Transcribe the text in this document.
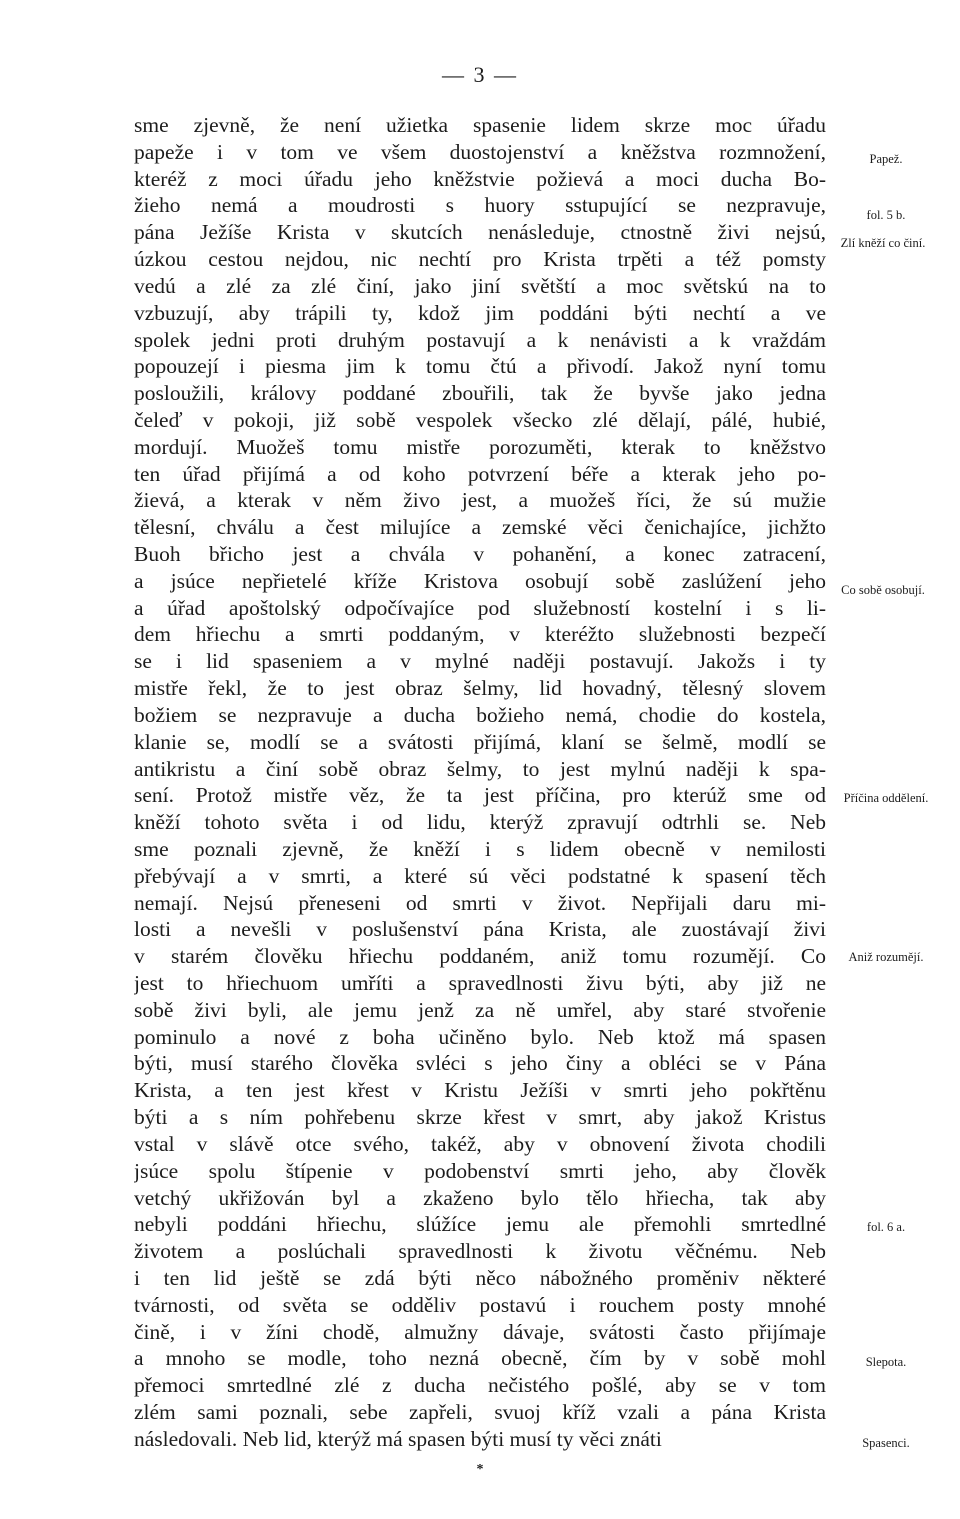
— 3 —
sme zjevně, že není užietka spasenie lidem skrze moc úřadu
papeže i v tom ve všem duostojenství a kněžstva rozmnožení,
kteréž z moci úřadu jeho kněžstvie požievá a moci ducha Bo-
žieho nemá a moudrosti s huory sstupující se nezpravuje,
pána Ježíše Krista v skutcích nenásleduje, ctnostně živi nejsú,
úzkou cestou nejdou, nic nechtí pro Krista trpěti a též pomsty
vedú a zlé za zlé činí, jako jiní světští a moc světskú na to
vzbuzují, aby trápili ty, kdož jim poddáni býti nechtí a ve
spolek jedni proti druhým postavují a k nenávisti a k vraždám
popouzejí i piesma jim k tomu čtú a přivodí. Jakož nyní tomu
posloužili, královy poddané zbouřili, tak že byvše jako jedna
čeleď v pokoji, již sobě vespolek všecko zlé dělají, pálé, hubié,
mordují. Muožeš tomu mistře porozuměti, kterak to kněžstvo
ten úřad přijímá a od koho potvrzení béře a kterak jeho po-
žievá, a kterak v něm živo jest, a muožeš říci, že sú mužie
tělesní, chválu a čest milujíce a zemské věci čenichajíce, jichžto
Buoh břicho jest a chvála v pohanění, a konec zatracení,
a jsúce nepřietelé kříže Kristova osobují sobě zaslúžení jeho
a úřad apoštolský odpočívajíce pod služebností kostelní i s li-
dem hřiechu a smrti poddaným, v kteréžto služebnosti bezpečí
se i lid spaseniem a v mylné naději postavují. Jakožs i ty
mistře řekl, že to jest obraz šelmy, lid hovadný, tělesný slovem
božiem se nezpravuje a ducha božieho nemá, chodie do kostela,
klanie se, modlí se a svátosti přijímá, klaní se šelmě, modlí se
antikristu a činí sobě obraz šelmy, to jest mylnú naději k spa-
sení. Protož mistře věz, že ta jest příčina, pro kterúž sme od
kněží tohoto světa i od lidu, kterýž zpravují odtrhli se. Neb
sme poznali zjevně, že kněží i s lidem obecně v nemilosti
přebývají a v smrti, a které sú věci podstatné k spasení těch
nemají. Nejsú přeneseni od smrti v život. Nepřijali daru mi-
losti a nevešli v poslušenství pána Krista, ale zuostávají živi
v starém člověku hřiechu poddaném, aniž tomu rozumějí. Co
jest to hřiechuom umříti a spravedlnosti živu býti, aby již ne
sobě živi byli, ale jemu jenž za ně umřel, aby staré stvořenie
pominulo a nové z boha učiněno bylo. Neb ktož má spasen
býti, musí starého člověka svléci s jeho činy a obléci se v Pána
Krista, a ten jest křest v Kristu Ježíši v smrti jeho pokřtěnu
býti a s ním pohřebenu skrze křest v smrt, aby jakož Kristus
vstal v slávě otce svého, takéž, aby v obnovení života chodili
jsúce spolu štípenie v podobenství smrti jeho, aby člověk
vetchý ukřižován byl a zkaženo bylo tělo hřiecha, tak aby
nebyli poddáni hřiechu, slúžíce jemu ale přemohli smrtedlné
životem a poslúchali spravedlnosti k životu věčnému. Neb
i ten lid ještě se zdá býti něco nábožného proměniv některé
tvárnosti, od světa se odděliv postavú i rouchem posty mnohé
čině, i v žíni chodě, almužny dávaje, svátosti často přijímaje
a mnoho se modle, toho nezná obecně, čím by v sobě mohl
přemoci smrtedlné zlé z ducha nečistého pošlé, aby se v tom
zlém sami poznali, sebe zapřeli, svuoj kříž vzali a pána Krista
následovali. Neb lid, kterýž má spasen býti musí ty věci znáti
Papež.
fol. 5 b.
Zlí kněží co činí.
Co sobě osobují.
Příčina oddělení.
Aniž rozumějí.
fol. 6 a.
Slepota.
Spasenci.
*
